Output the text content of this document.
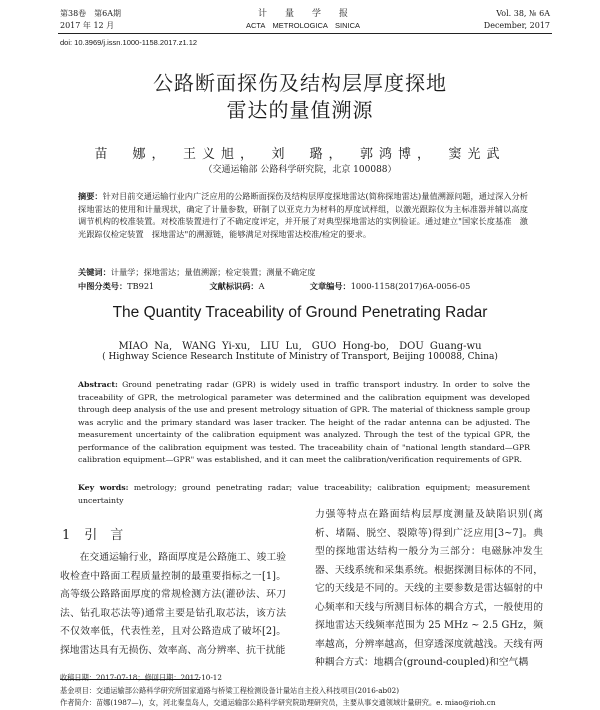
第38卷　第6A期
2017 年 12 月
计　　量　　学　　报
ACTA　METROLOGICA　SINICA
Vol. 38, № 6A
December, 2017
doi: 10.3969/j.issn.1000-1158.2017.z1.12
公路断面探伤及结构层厚度探地
雷达的量值溯源
苗　娜，　王义旭，　刘　璐，　郭鸿博，　窦光武
（交通运输部 公路科学研究院，北京 100088）
摘要：针对目前交通运输行业内广泛应用的公路断面探伤及结构层厚度探地雷达(简称探地雷达)量值溯源问题，通过深入分析探地雷达的使用和计量现状，确定了计量参数，研制了以亚克力为材料的厚度试样组，以激光跟踪仪为主标准器并辅以高度调节机构的校准装置。对校准装置进行了不确定度评定，并开展了对典型探地雷达的实例验证。通过建立"国家长度基准　激光跟踪仪检定装置　探地雷达"的溯源链，能够满足对探地雷达校准/检定的要求。
关键词：计量学；探地雷达；量值溯源；检定装置；测量不确定度
中图分类号：TB921	文献标识码：A	文章编号：1000-1158(2017)6A-0056-05
The Quantity Traceability of Ground Penetrating Radar
MIAO Na,　WANG Yi-xu,　LIU Lu,　GUO Hong-bo,　DOU Guang-wu
( Highway Science Research Institute of Ministry of Transport, Beijing 100088, China)
Abstract: Ground penetrating radar (GPR) is widely used in traffic transport industry. In order to solve the traceability of GPR, the metrological parameter was determined and the calibration equipment was developed through deep analysis of the use and present metrology situation of GPR. The material of thickness sample group was acrylic and the primary standard was laser tracker. The height of the radar antenna can be adjusted. The measurement uncertainty of the calibration equipment was analyzed. Through the test of the typical GPR, the performance of the calibration equipment was tested. The traceability chain of "national length standard—GPR calibration equipment—GPR" was established, and it can meet the calibration/verification requirements of GPR.
Key words: metrology; ground penetrating radar; value traceability; calibration equipment; measurement uncertainty
1 引　言

在交通运输行业，路面厚度是公路施工、竣工验收检查中路面工程质量控制的最重要指标之一[1]。高等级公路路面厚度的常规检测方法(灌砂法、环刀法、钻孔取芯法等)通常主要是钻孔取芯法，该方法不仅效率低，代表性差，且对公路造成了破坏[2]。探地雷达具有无损伤、效率高、高分辨率、抗干扰能

力强等特点在路面结构层厚度测量及缺陷识别(离析、堵隔、脱空、裂隙等)得到广泛应用[3~7]。典型的探地雷达结构一般分为三部分：电磁脉冲发生器、天线系统和采集系统。根据探测目标体的不同，它的天线是不同的。天线的主要参数是雷达辐射的中心频率和天线与所测目标体的耦合方式，一般使用的探地雷达天线频率范围为 25 MHz ~ 2.5 GHz，频率越高，分辨率越高，但穿透深度就越浅。天线有两种耦合方式：地耦合(ground-coupled)和空气耦

收稿日期：2017-07-18；修回日期：2017-10-12
基金项目：交通运输部公路科学研究所国家道路与桥梁工程检测设备计量站自主投入科技项目(2016-ab02)
作者简介：苗娜(1987—)，女，河北秦皇岛人，交通运输部公路科学研究院助理研究员，主要从事交通领域计量研究。e. miao@rioh.cn
